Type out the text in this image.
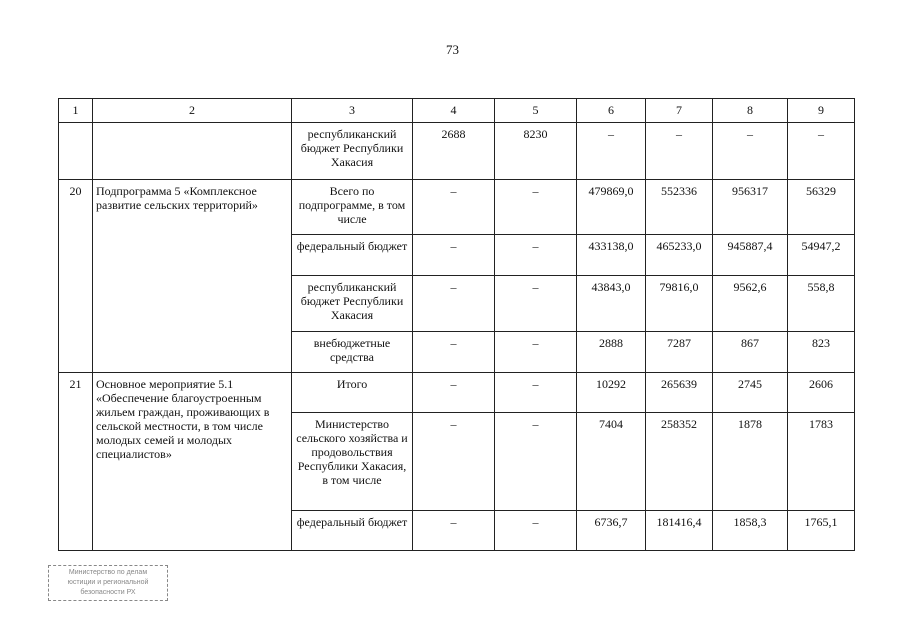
73
1	2	3	4	5	6	7	8	9
		республиканский бюджет Республики Хакасия	2688	8230	–	–	–	–
20	Подпрограмма 5 «Комплексное развитие сельских территорий»	Всего по подпрограмме, в том числе	–	–	479869,0	552336	956317	56329
		федеральный бюджет	–	–	433138,0	465233,0	945887,4	54947,2
		республиканский бюджет Республики Хакасия	–	–	43843,0	79816,0	9562,6	558,8
		внебюджетные средства	–	–	2888	7287	867	823
21	Основное мероприятие 5.1 «Обеспечение благоустроенным жильем граждан, проживающих в сельской местности, в том числе молодых семей и молодых специалистов»	Итого	–	–	10292	265639	2745	2606
		Министерство сельского хозяйства и продовольствия Республики Хакасия, в том числе	–	–	7404	258352	1878	1783
		федеральный бюджет	–	–	6736,7	181416,4	1858,3	1765,1
Министерство по делам
юстиции и региональной
безопасности РХ
